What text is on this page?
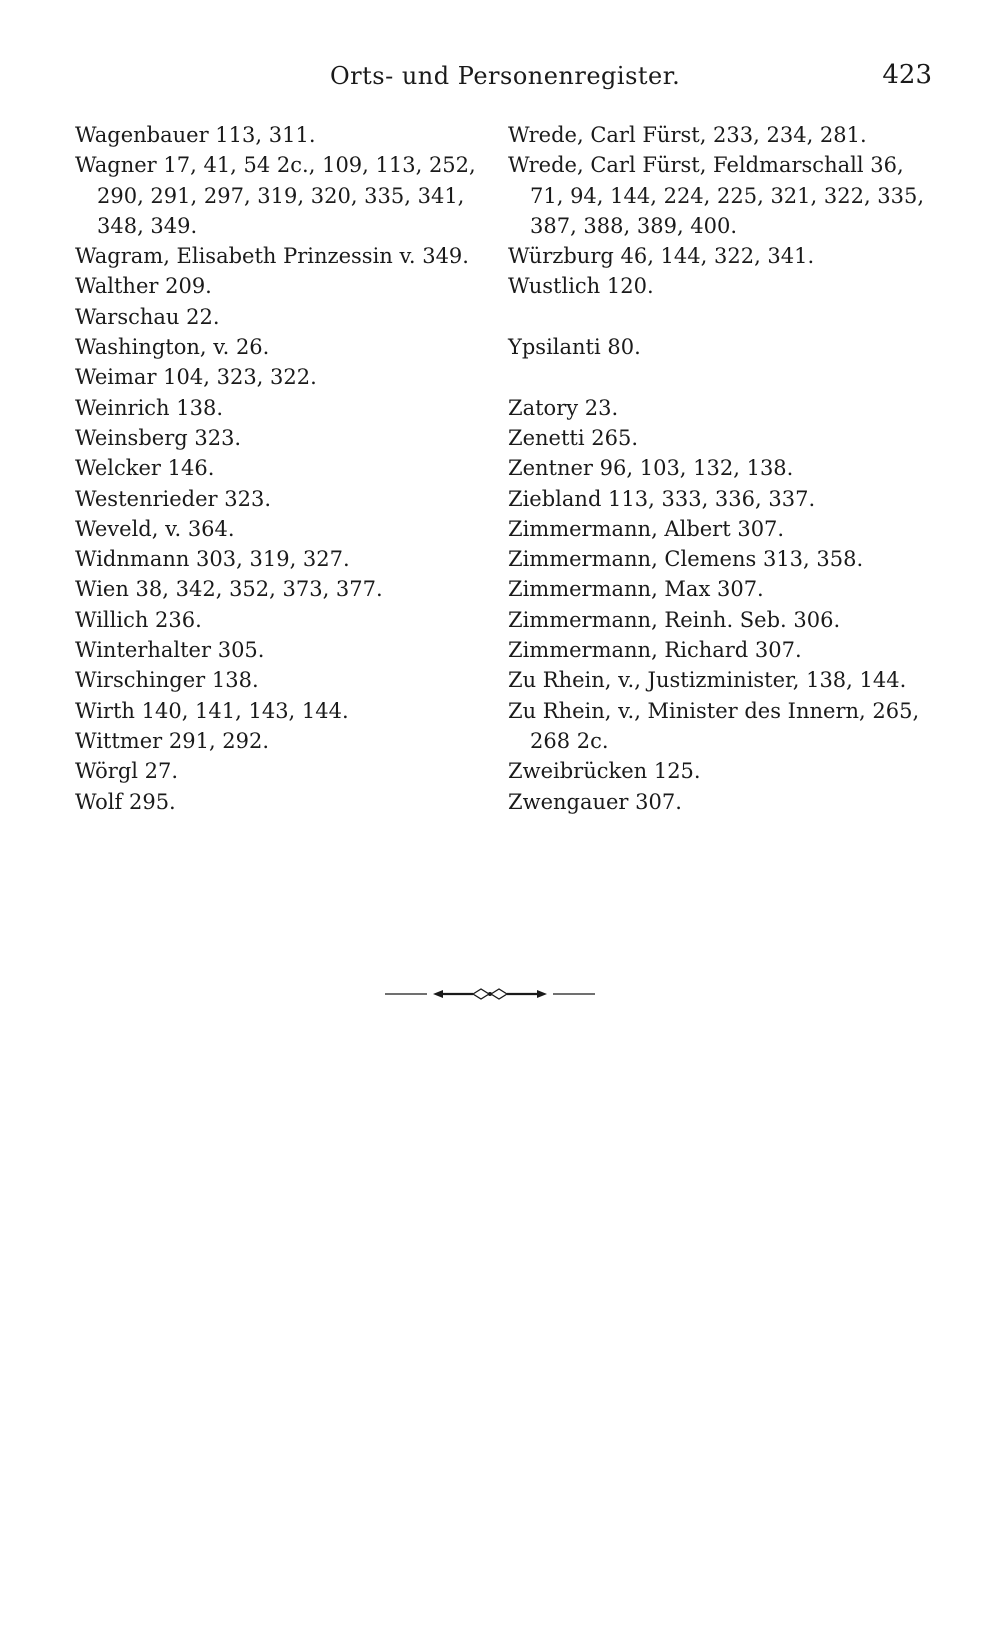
Orts- und Personenregister.	423
Wagenbauer 113, 311.
Wagner 17, 41, 54 2c., 109, 113, 252, 290, 291, 297, 319, 320, 335, 341, 348, 349.
Wagram, Elisabeth Prinzessin v. 349.
Walther 209.
Warschau 22.
Washington, v. 26.
Weimar 104, 323, 322.
Weinrich 138.
Weinsberg 323.
Welcker 146.
Westenrieder 323.
Weveld, v. 364.
Widnmann 303, 319, 327.
Wien 38, 342, 352, 373, 377.
Willich 236.
Winterhalter 305.
Wirschinger 138.
Wirth 140, 141, 143, 144.
Wittmer 291, 292.
Wörgl 27.
Wolf 295.
Wrede, Carl Fürst, 233, 234, 281.
Wrede, Carl Fürst, Feldmarschall 36, 71, 94, 144, 224, 225, 321, 322, 335, 387, 388, 389, 400.
Würzburg 46, 144, 322, 341.
Wustlich 120.
Ypsilanti 80.
Zatory 23.
Zenetti 265.
Zentner 96, 103, 132, 138.
Ziebland 113, 333, 336, 337.
Zimmermann, Albert 307.
Zimmermann, Clemens 313, 358.
Zimmermann, Max 307.
Zimmermann, Reinh. Seb. 306.
Zimmermann, Richard 307.
Zu Rhein, v., Justizminister, 138, 144.
Zu Rhein, v., Minister des Innern, 265, 268 2c.
Zweibrücken 125.
Zwengauer 307.
